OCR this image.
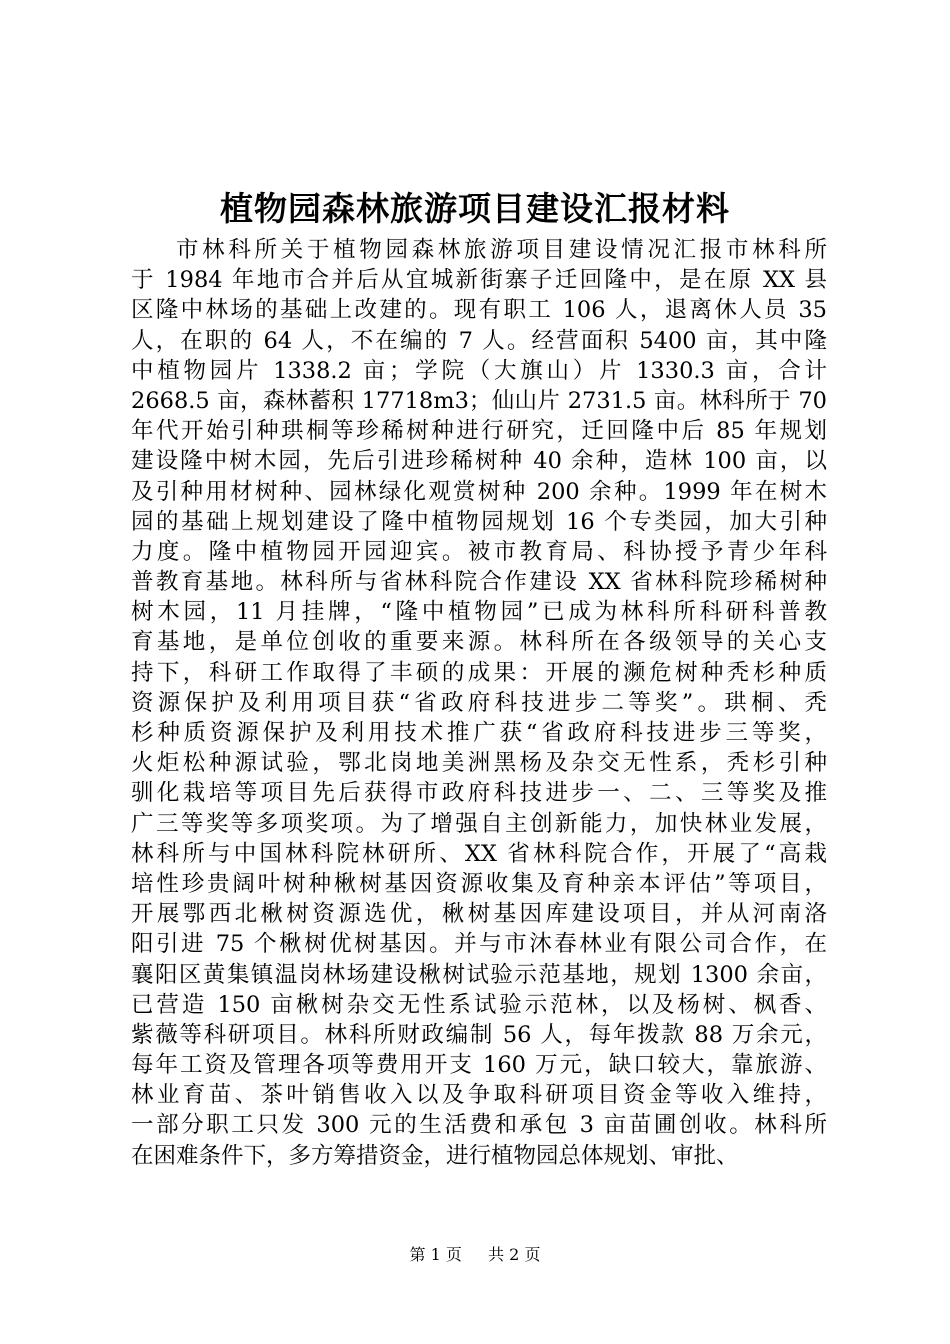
植物园森林旅游项目建设汇报材料
市林科所关于植物园森林旅游项目建设情况汇报市林科所
于 1984 年地市合并后从宜城新街寨子迁回隆中，是在原 XX 县
区隆中林场的基础上改建的。现有职工 106 人，退离休人员 35
人，在职的 64 人，不在编的 7 人。经营面积 5400 亩，其中隆
中植物园片 1338.2 亩；学院（大旗山）片 1330.3 亩，合计
2668.5 亩，森林蓄积 17718m3；仙山片 2731.5 亩。林科所于 70
年代开始引种珙桐等珍稀树种进行研究，迁回隆中后 85 年规划
建设隆中树木园，先后引进珍稀树种 40 余种，造林 100 亩，以
及引种用材树种、园林绿化观赏树种 200 余种。1999 年在树木
园的基础上规划建设了隆中植物园规划 16 个专类园，加大引种
力度。隆中植物园开园迎宾。被市教育局、科协授予青少年科
普教育基地。林科所与省林科院合作建设 XX 省林科院珍稀树种
树木园，11 月挂牌，“隆中植物园”已成为林科所科研科普教
育基地，是单位创收的重要来源。林科所在各级领导的关心支
持下，科研工作取得了丰硕的成果：开展的濒危树种秃杉种质
资源保护及利用项目获“省政府科技进步二等奖”。珙桐、秃
杉种质资源保护及利用技术推广获“省政府科技进步三等奖，
火炬松种源试验，鄂北岗地美洲黑杨及杂交无性系，秃杉引种
驯化栽培等项目先后获得市政府科技进步一、二、三等奖及推
广三等奖等多项奖项。为了增强自主创新能力，加快林业发展，
林科所与中国林科院林研所、XX 省林科院合作，开展了“高栽
培性珍贵阔叶树种楸树基因资源收集及育种亲本评估”等项目，
开展鄂西北楸树资源选优，楸树基因库建设项目，并从河南洛
阳引进 75 个楸树优树基因。并与市沐春林业有限公司合作，在
襄阳区黄集镇温岗林场建设楸树试验示范基地，规划 1300 余亩，
已营造 150 亩楸树杂交无性系试验示范林，以及杨树、枫香、
紫薇等科研项目。林科所财政编制 56 人，每年拨款 88 万余元，
每年工资及管理各项等费用开支 160 万元，缺口较大，靠旅游、
林业育苗、茶叶销售收入以及争取科研项目资金等收入维持，
一部分职工只发 300 元的生活费和承包 3 亩苗圃创收。林科所
在困难条件下，多方筹措资金，进行植物园总体规划、审批、
第 1 页   共 2 页
